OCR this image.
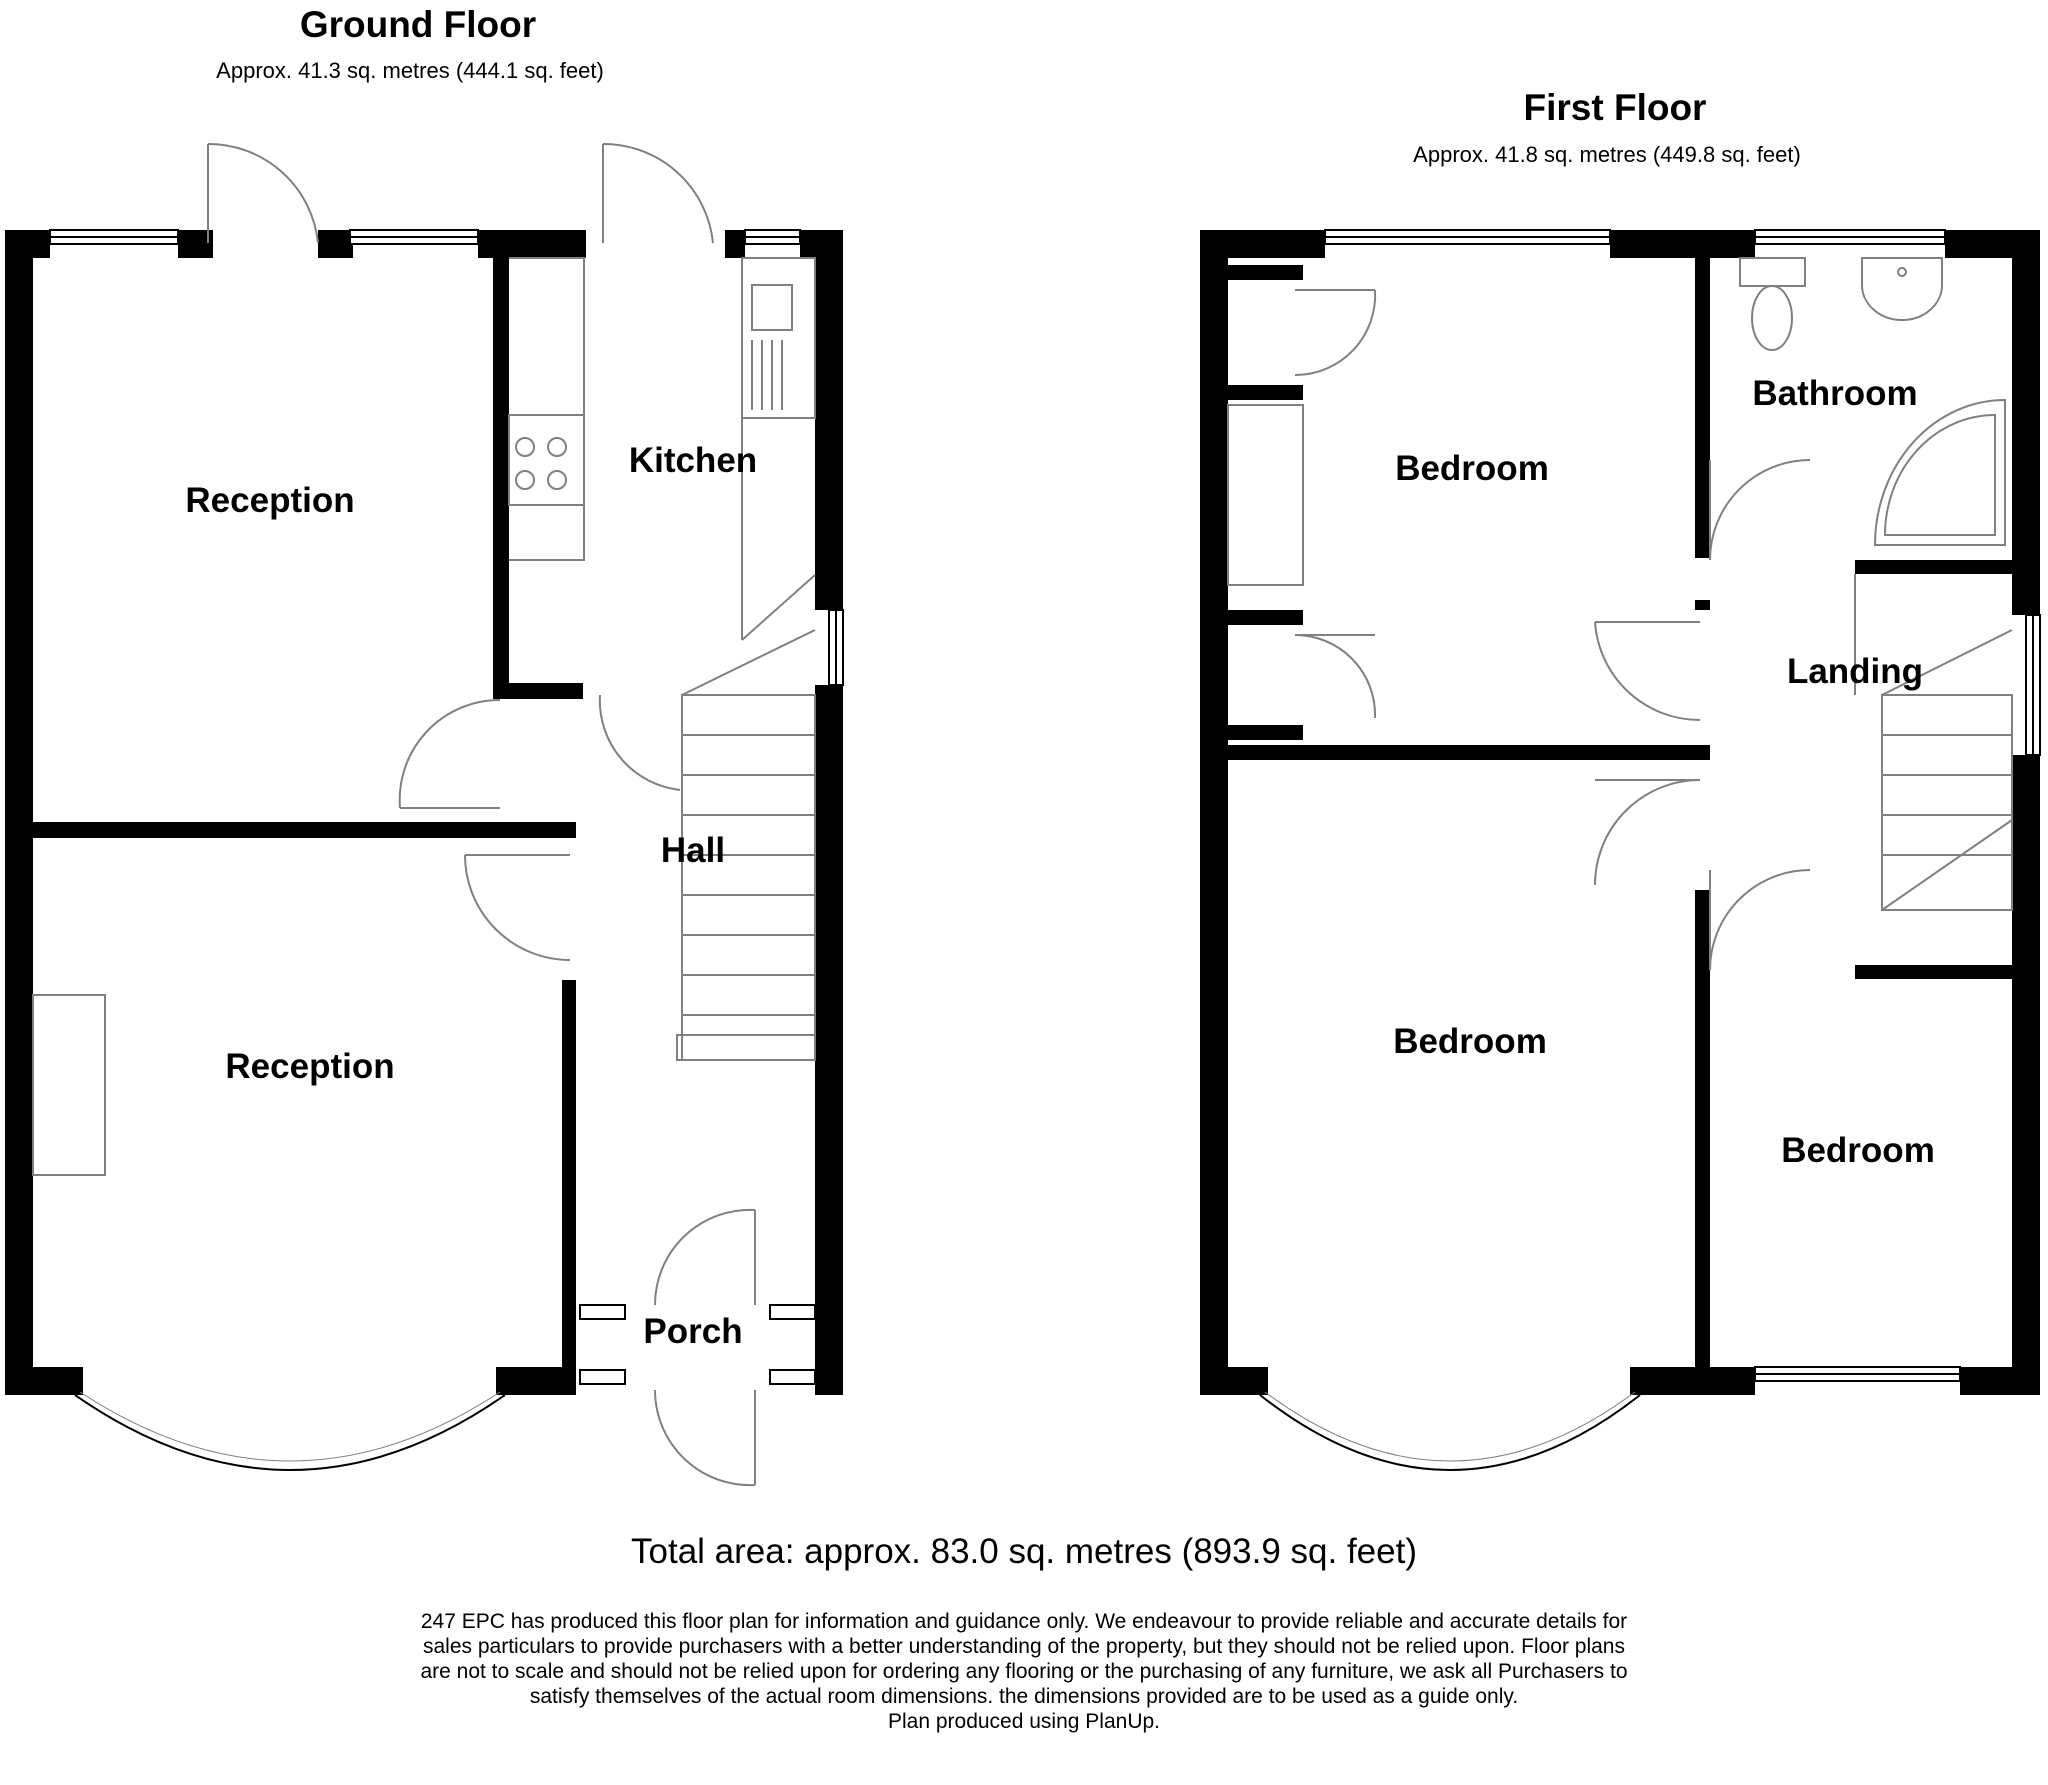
Ground Floor
Approx. 41.3 sq. metres (444.1 sq. feet)
Reception
Kitchen
Hall
Reception
Porch
First Floor
Approx. 41.8 sq. metres (449.8 sq. feet)
Bedroom
Bathroom
Landing
Bedroom
Bedroom
Total area: approx. 83.0 sq. metres (893.9 sq. feet)

247 EPC has produced this floor plan for information and guidance only. We endeavour to provide reliable and accurate details for
sales particulars to provide purchasers with a better understanding of the property, but they should not be relied upon. Floor plans
are not to scale and should not be relied upon for ordering any flooring or the purchasing of any furniture, we ask all Purchasers to
satisfy themselves of the actual room dimensions. the dimensions provided are to be used as a guide only.
Plan produced using PlanUp.
